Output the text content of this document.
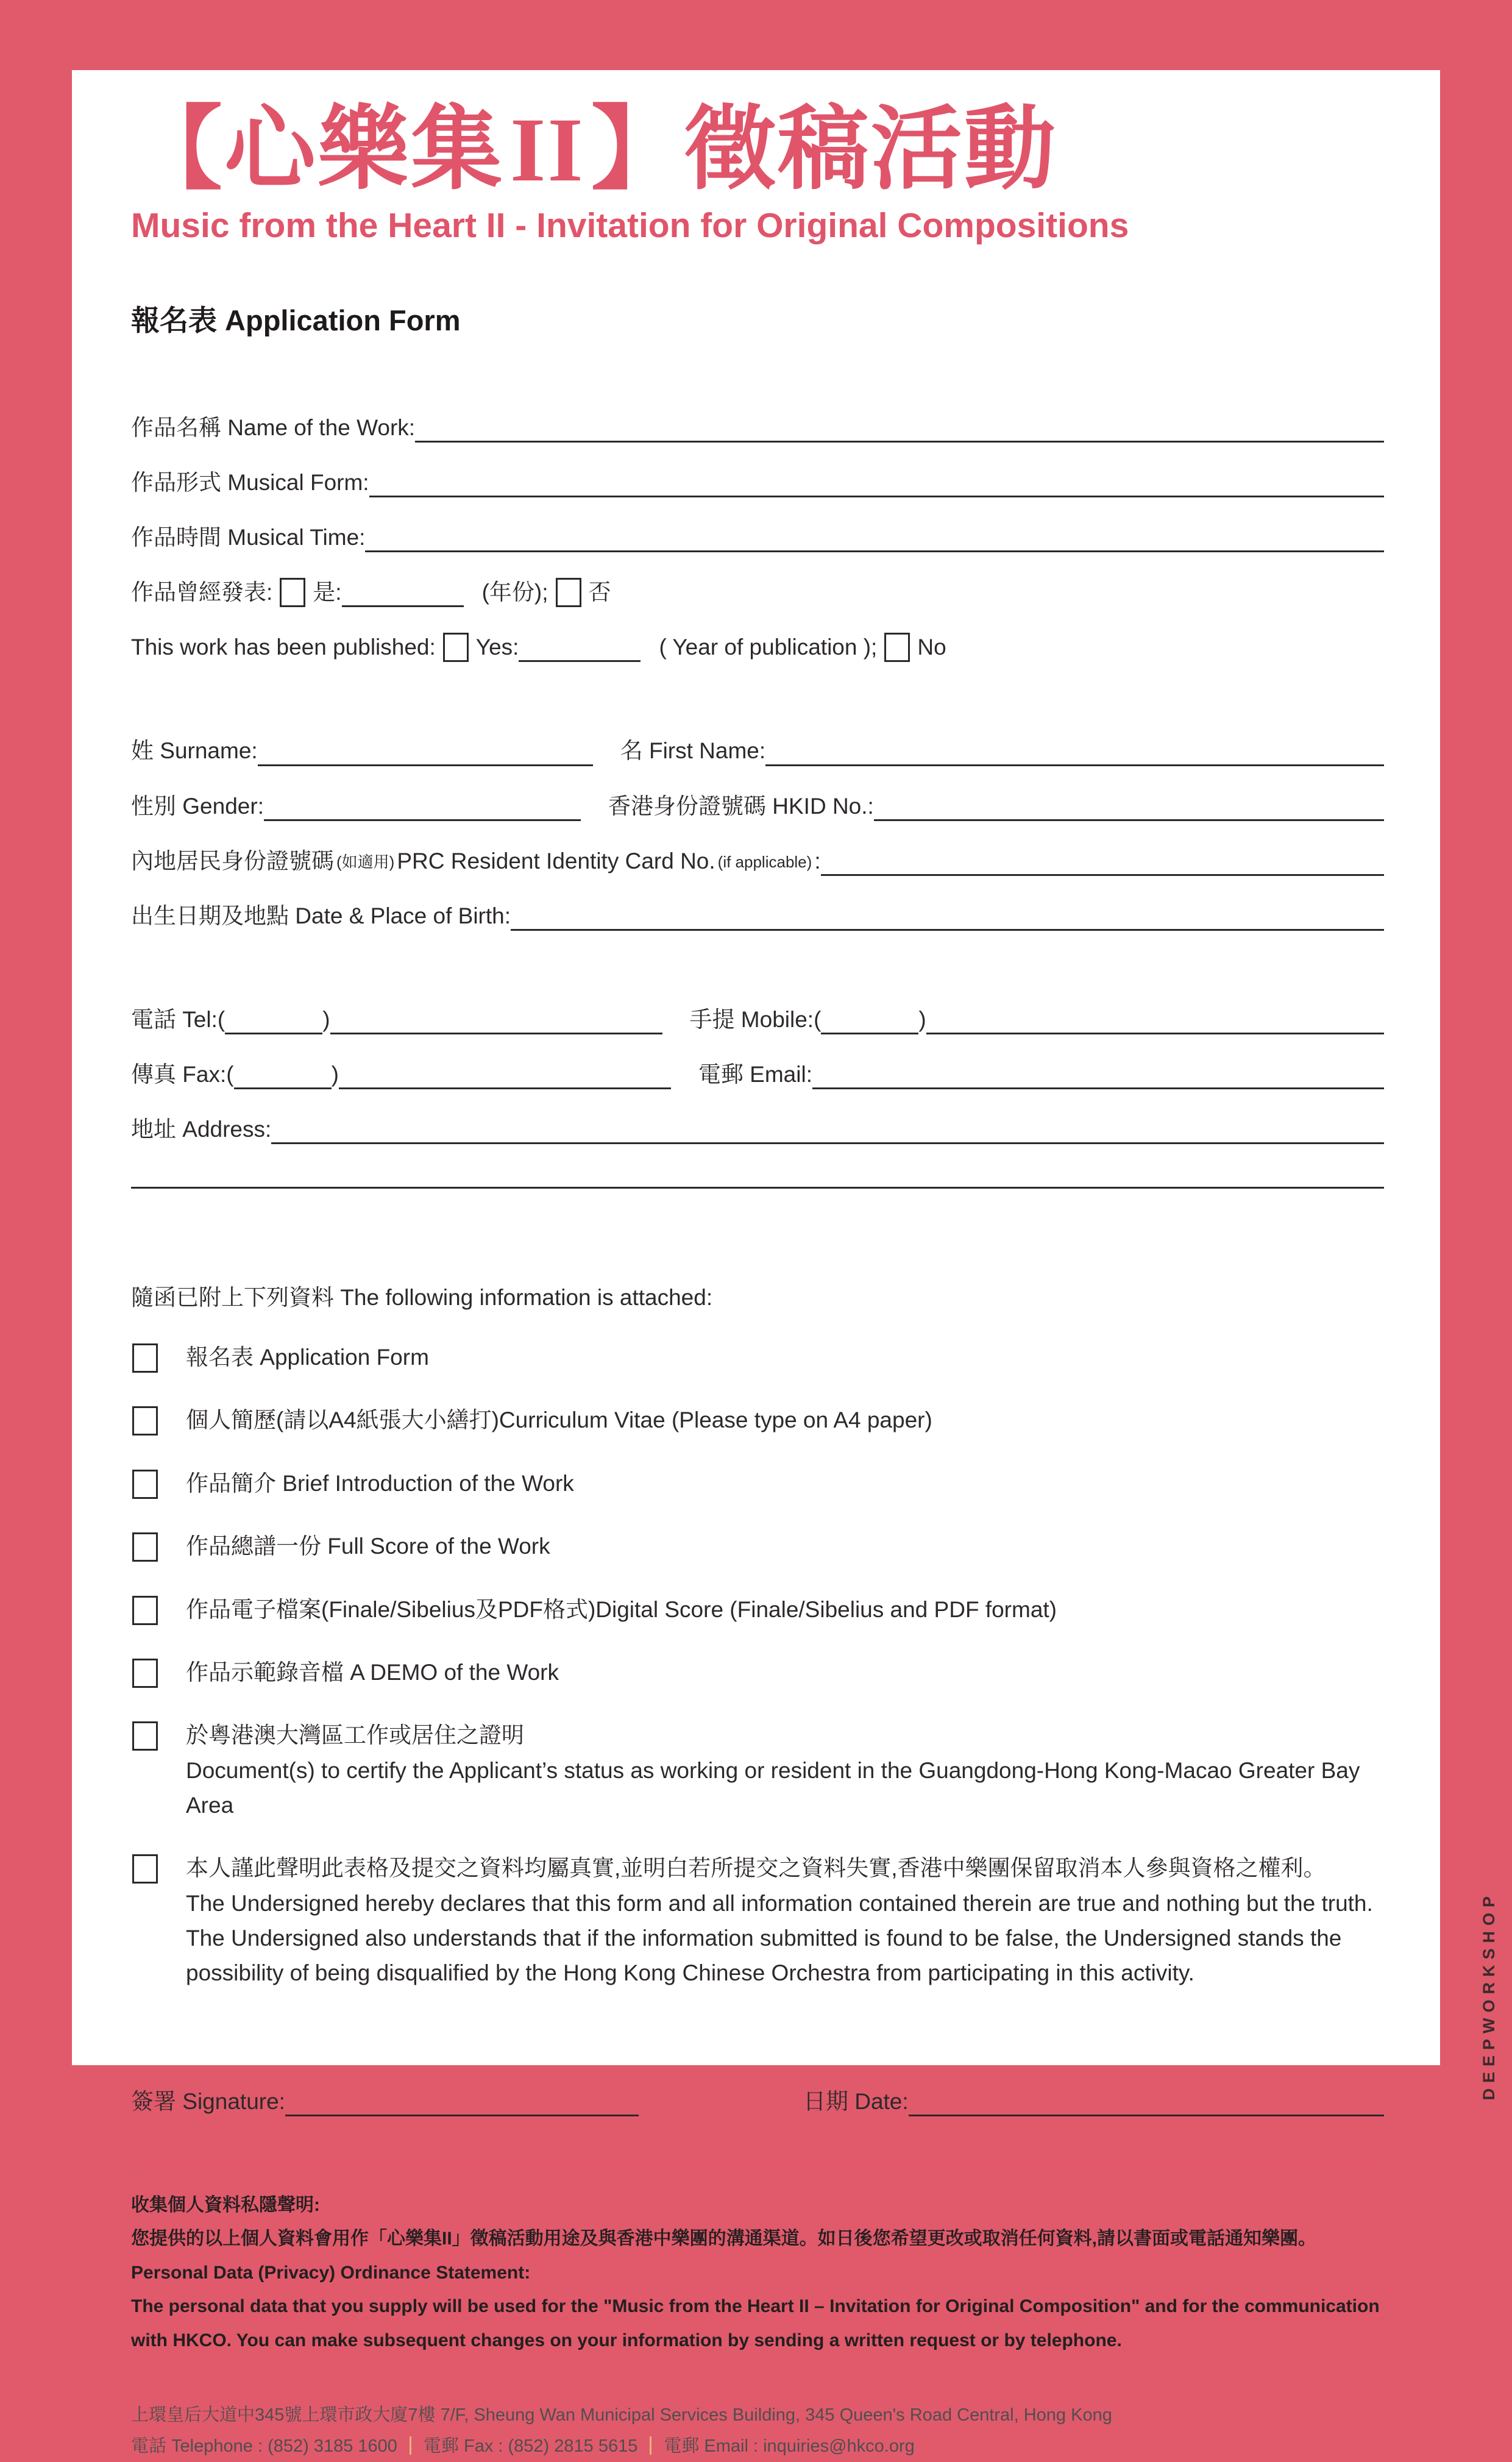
【心樂集II】徵稿活動
Music from the Heart II - Invitation for Original Compositions
報名表 Application Form
作品名稱 Name of the Work:
作品形式 Musical Form:
作品時間 Musical Time:
作品曾經發表: 是:	(年份); 否
This work has been published: Yes:	( Year of publication ); No
姓 Surname:	名 First Name:
性別 Gender:	香港身份證號碼 HKID No.:
內地居民身份證號碼 (如適用) PRC Resident Identity Card No. (if applicable) :
出生日期及地點 Date & Place of Birth:
電話 Tel:(	)	手提 Mobile:(	)
傳真 Fax:(	)	電郵 Email:
地址 Address:
隨函已附上下列資料 The following information is attached:
報名表 Application Form
個人簡歷(請以A4紙張大小繕打)Curriculum Vitae (Please type on A4 paper)
作品簡介 Brief Introduction of the Work
作品總譜一份 Full Score of the Work
作品電子檔案(Finale/Sibelius及PDF格式)Digital Score (Finale/Sibelius and PDF format)
作品示範錄音檔 A DEMO of the Work
於粵港澳大灣區工作或居住之證明
Document(s) to certify the Applicant’s status as working or resident in the Guangdong-Hong Kong-Macao Greater Bay Area
本人謹此聲明此表格及提交之資料均屬真實,並明白若所提交之資料失實,香港中樂團保留取消本人參與資格之權利。
The Undersigned hereby declares that this form and all information contained therein are true and nothing but the truth. The Undersigned also understands that if the information submitted is found to be false, the Undersigned stands the possibility of being disqualified by the Hong Kong Chinese Orchestra from participating in this activity.
簽署 Signature:	日期 Date:
收集個人資料私隱聲明:
您提供的以上個人資料會用作「心樂集II」徵稿活動用途及與香港中樂團的溝通渠道。如日後您希望更改或取消任何資料,請以書面或電話通知樂團。
Personal Data (Privacy) Ordinance Statement:
The personal data that you supply will be used for the "Music from the Heart II – Invitation for Original Composition" and for the communication with HKCO. You can make subsequent changes on your information by sending a written request or by telephone.
上環皇后大道中345號上環市政大廈7樓 7/F, Sheung Wan Municipal Services Building, 345 Queen's Road Central, Hong Kong
電話 Telephone : (852) 3185 1600 電郵 Fax : (852) 2815 5615 電郵 Email : inquiries@hkco.org
DEEPWORKSHOP
